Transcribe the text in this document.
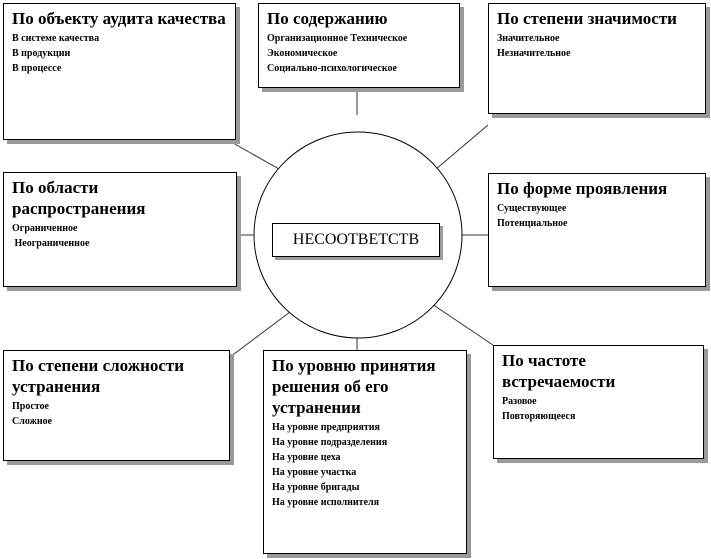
НЕСООТВЕТСТВ
По объекту аудита качества
В системе качества
В продукции
В процессе
По содержанию
Организационное Техническое
Экономическое
Социально-психологическое
По степени значимости
Значительное
Незначительное
По области распространения
Ограниченное
Неограниченное
По форме проявления
Существующее
Потенциальное
По степени сложности устранения
Простое
Сложное
По уровню принятия решения об его устранении
На уровне предприятия
На уровне подразделения
На уровне цеха
На уровне участка
На уровне бригады
На уровне исполнителя
По частоте встречаемости
Разовое
Повторяющееся
